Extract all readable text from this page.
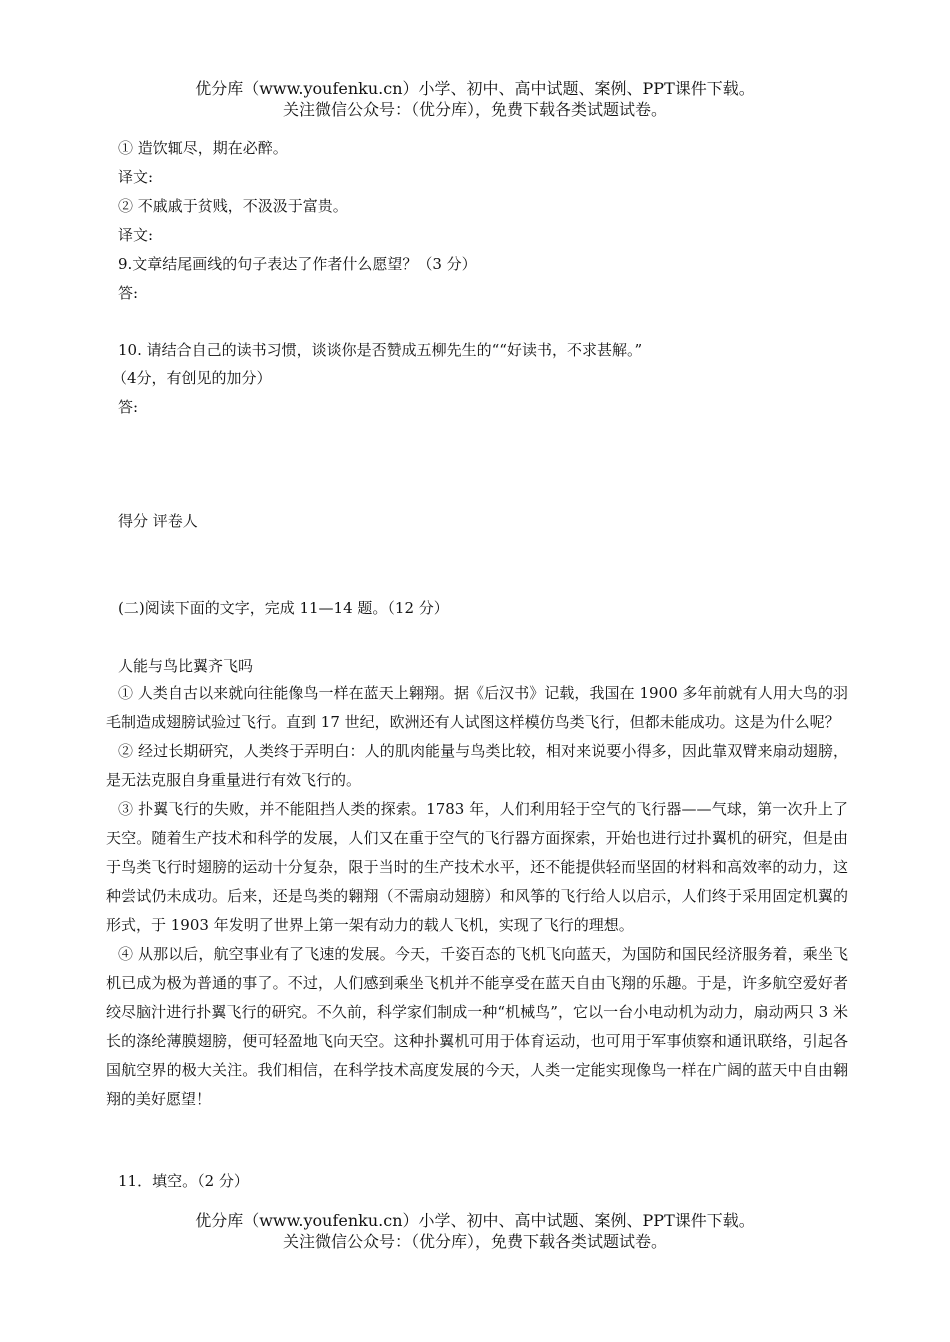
优分库（www.youfenku.cn）小学、初中、高中试题、案例、PPT课件下载。
关注微信公众号：（优分库），免费下载各类试题试卷。
① 造饮辄尽，期在必醉。
译文:
② 不戚戚于贫贱，不汲汲于富贵。
译文:
9.文章结尾画线的句子表达了作者什么愿望？（3 分）
答:
10. 请结合自己的读书习惯，谈谈你是否赞成五柳先生的““好读书，不求甚解。”
（4分，有创见的加分）
答:
得分 评卷人
(二)阅读下面的文字，完成 11—14 题。（12 分）
人能与鸟比翼齐飞吗

① 人类自古以来就向往能像鸟一样在蓝天上翱翔。据《后汉书》记载，我国在 1900 多年前就有人用大鸟的羽毛制造成翅膀试验过飞行。直到 17 世纪，欧洲还有人试图这样模仿鸟类飞行，但都未能成功。这是为什么呢？

② 经过长期研究，人类终于弄明白：人的肌肉能量与鸟类比较，相对来说要小得多，因此靠双臂来扇动翅膀，是无法克服自身重量进行有效飞行的。

③ 扑翼飞行的失败，并不能阻挡人类的探索。1783 年，人们利用轻于空气的飞行器——气球，第一次升上了天空。随着生产技术和科学的发展，人们又在重于空气的飞行器方面探索，开始也进行过扑翼机的研究，但是由于鸟类飞行时翅膀的运动十分复杂，限于当时的生产技术水平，还不能提供轻而坚固的材料和高效率的动力，这种尝试仍未成功。后来，还是鸟类的翱翔（不需扇动翅膀）和风筝的飞行给人以启示，人们终于采用固定机翼的形式，于 1903 年发明了世界上第一架有动力的载人飞机，实现了飞行的理想。

④ 从那以后，航空事业有了飞速的发展。今天，千姿百态的飞机飞向蓝天，为国防和国民经济服务着，乘坐飞机已成为极为普通的事了。不过，人们感到乘坐飞机并不能享受在蓝天自由飞翔的乐趣。于是，许多航空爱好者绞尽脑汁进行扑翼飞行的研究。不久前，科学家们制成一种“机械鸟”，它以一台小电动机为动力，扇动两只 3 米长的涤纶薄膜翅膀，便可轻盈地飞向天空。这种扑翼机可用于体育运动，也可用于军事侦察和通讯联络，引起各国航空界的极大关注。我们相信，在科学技术高度发展的今天，人类一定能实现像鸟一样在广阔的蓝天中自由翱翔的美好愿望！

11．填空。（2 分）
优分库（www.youfenku.cn）小学、初中、高中试题、案例、PPT课件下载。
关注微信公众号：（优分库），免费下载各类试题试卷。
